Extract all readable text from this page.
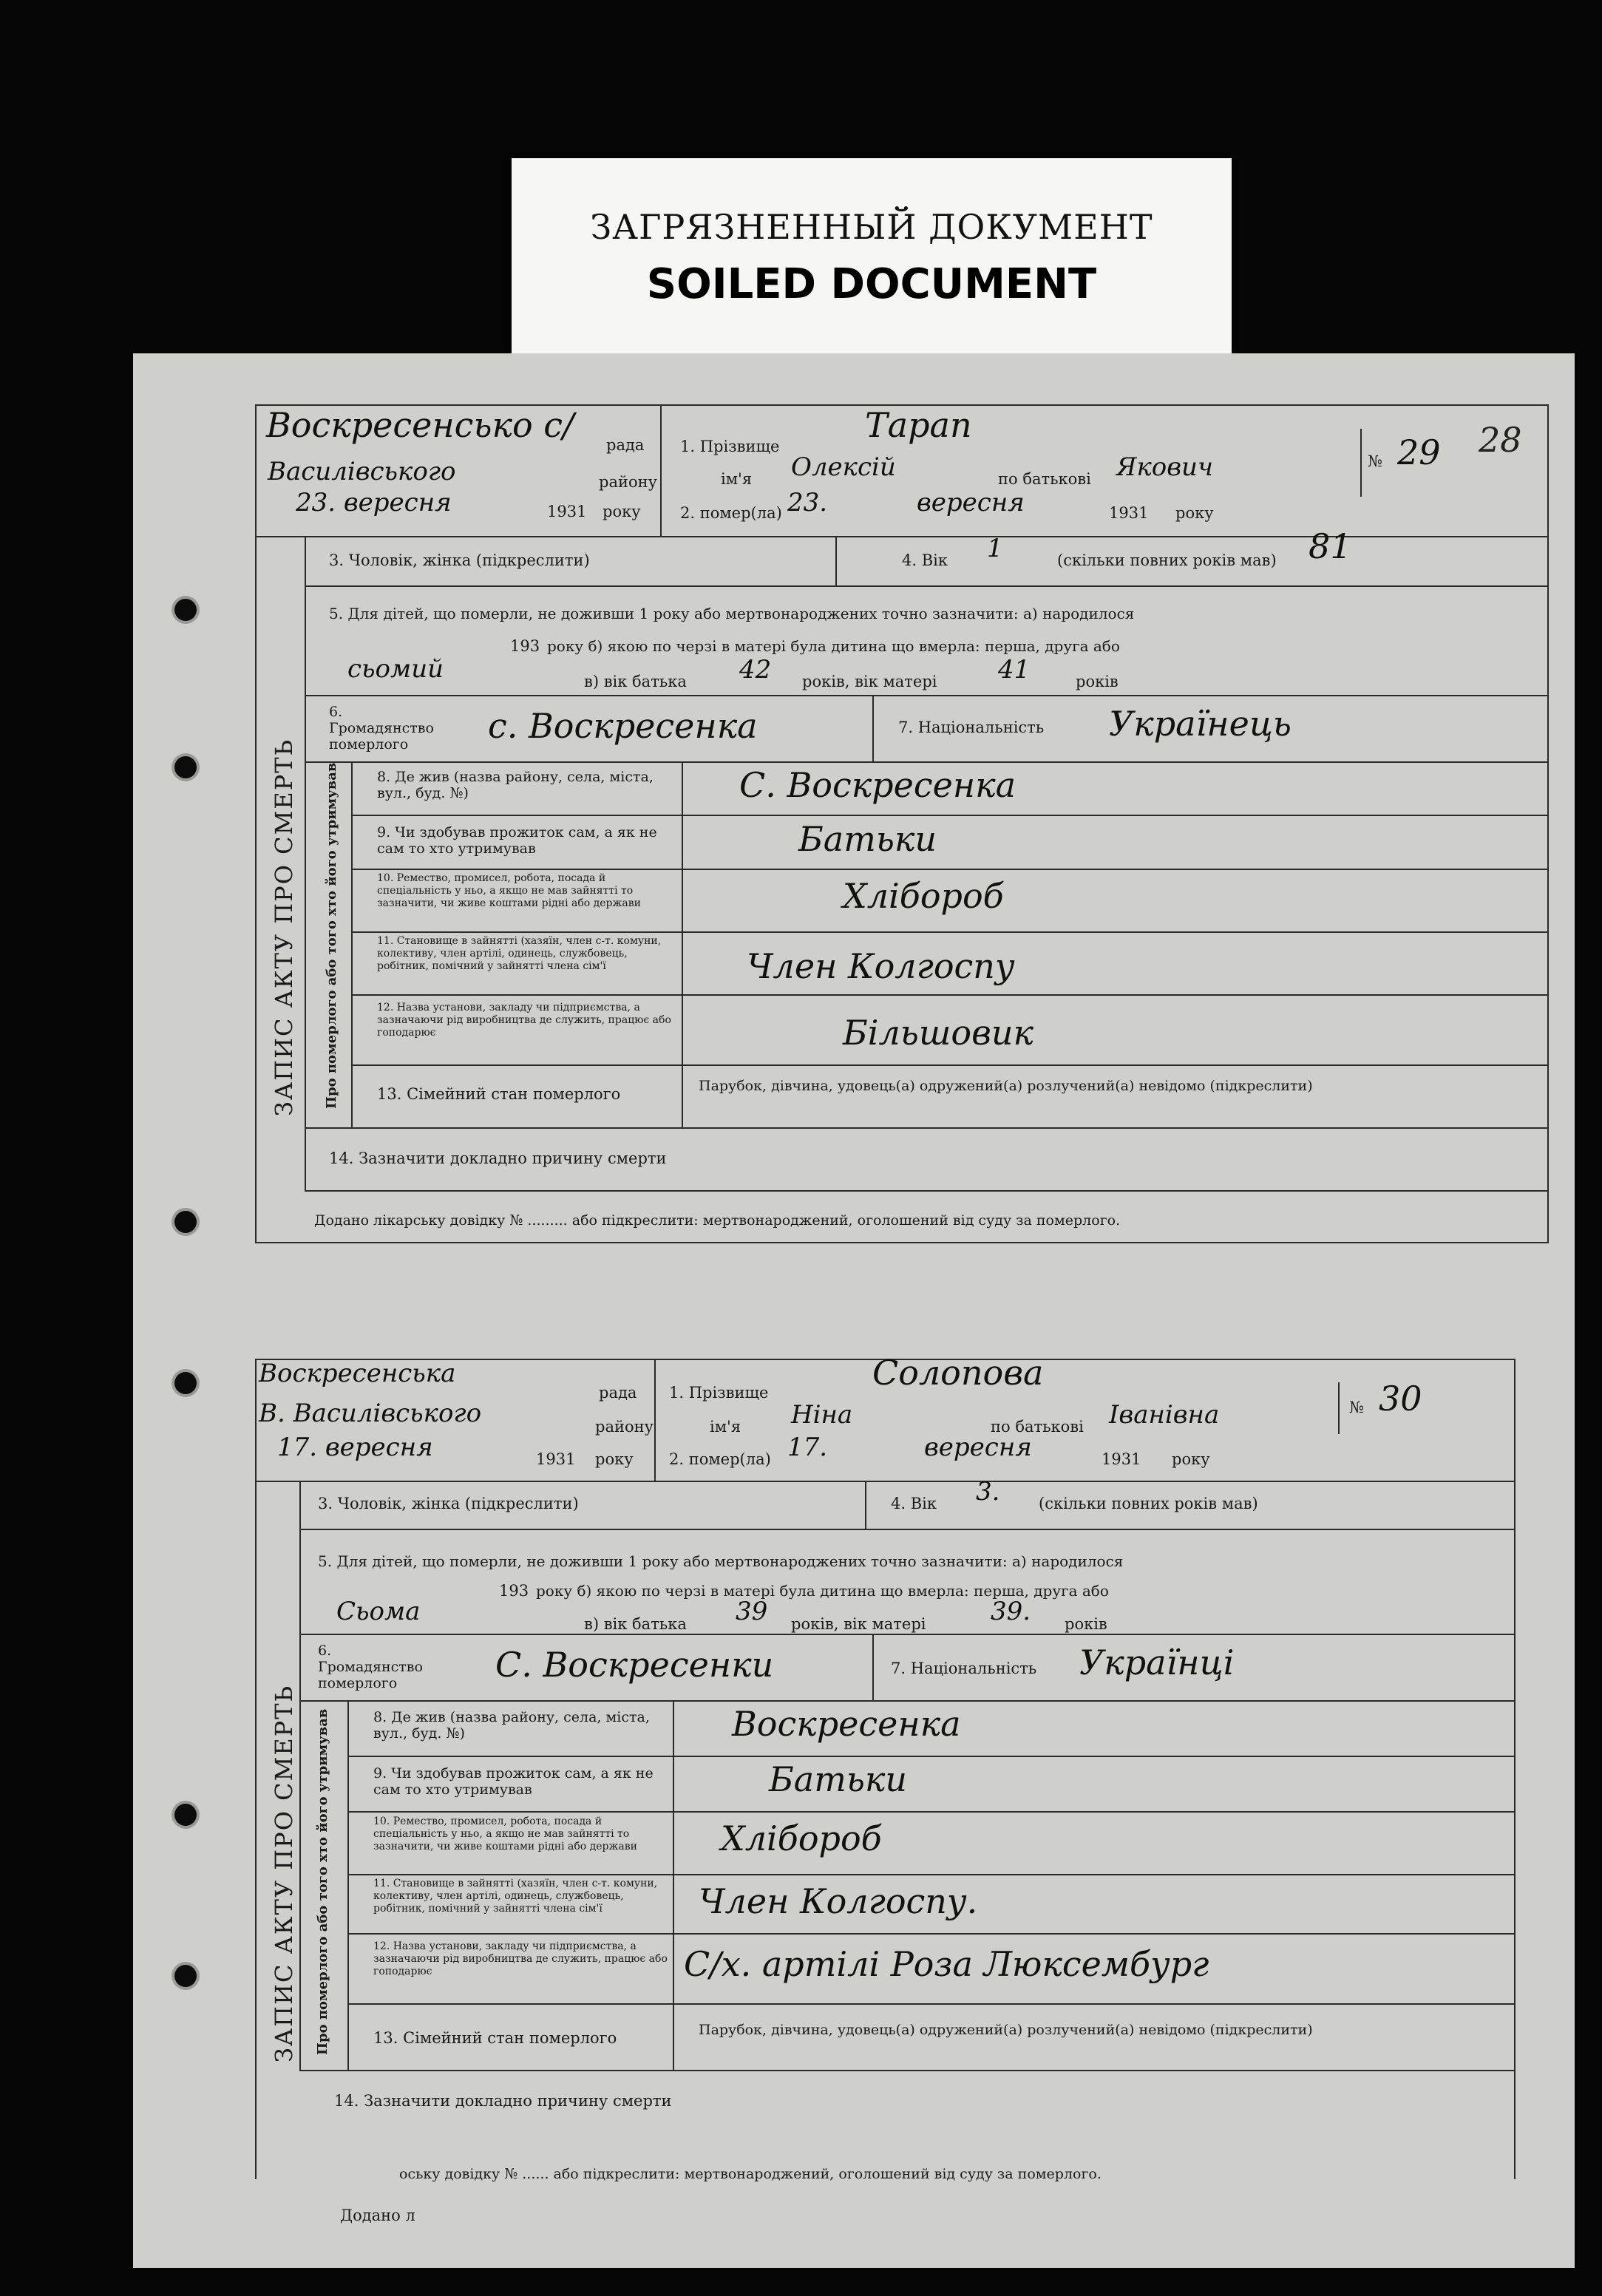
ЗАГРЯЗНЕННЫЙ ДОКУМЕНТ
SOILED DOCUMENT
ЗАПИС АКТУ ПРО СМЕРТЬ Про померлого або того хто його утримував
Воскресенсько с/ рада
Василівського	району
23. вересня	1931 року
1. Прізвище
Тарап
ім'я Олексій	по батькові Якович
2. помер(ла) 23.	вересня	1931 року
№ 29 28
3. Чоловік, жінка (підкреслити)	4. Вік 1	(скільки повних років мав) 81
5. Для дітей, що померли, не доживши 1 року або мертвонароджених точно зазначити: а) народилося
193 року б) якою по черзі в матері була дитина що вмерла: перша, друга або
сьомий	в) вік батька 42 років, вік матері 41	років
6. Громадянство померлого	с. Воскресенка	7. Національність Українець
8. Де жив (назва району, села, міста, вул., буд. №)	С. Воскресенка
9. Чи здобував прожиток сам, а як не сам то хто утримував	Батьки
10. Ремество, промисел, робота, посада й спеціальність у ньо, а якщо не мав зайнятті то зазначити, чи живе коштами рідні або держави	Хлібороб
11. Становище в зайнятті (хазяїн, член с-т. комуни, колективу, член артілі, одинець, службовець, робітник, помічний у зайнятті члена сім'ї	Член Колгоспу
12. Назва установи, закладу чи підприємства, а зазначаючи рід виробництва де служить, працює або гоподарює	Більшовик
13. Сімейний стан померлого	Парубок, дівчина, удовець(а) одружений(а) розлучений(а) невідомо (підкреслити)
14. Зазначити докладно причину смерти
Додано лікарську довідку № ......... або підкреслити: мертвонароджений, оголошений від суду за померлого.
ЗАПИС АКТУ ПРО СМЕРТЬ Про померлого або того хто його утримував
Воскресенська
рада
В. Василівського	району
17. вересня	1931 року
1. Прізвище	Солопова
ім'я Ніна	по батькові Іванівна
2. помер(ла) 17.	вересня	1931 року
№ 30
3. Чоловік, жінка (підкреслити)	4. Вік 3.	(скільки повних років мав)
5. Для дітей, що померли, не доживши 1 року або мертвонароджених точно зазначити: а) народилося
193 року б) якою по черзі в матері була дитина що вмерла: перша, друга або
Сьома	в) вік батька 39 років, вік матері	39. років
6. Громадянство померлого	С. Воскресенки	7. Національність Українці
8. Де жив (назва району, села, міста, вул., буд. №)	Воскресенка
9. Чи здобував прожиток сам, а як не сам то хто утримував	Батьки
10. Ремество, промисел, робота, посада й спеціальність у ньо, а якщо не мав зайнятті то зазначити, чи живе коштами рідні або держави	Хлібороб
11. Становище в зайнятті (хазяїн, член с-т. комуни, колективу, член артілі, одинець, службовець, робітник, помічний у зайнятті члена сім'ї	Член Колгоспу.
12. Назва установи, закладу чи підприємства, а зазначаючи рід виробництва де служить, працює або гоподарює	С/х. артілі Роза Люксембург
13. Сімейний стан померлого	Парубок, дівчина, удовець(а) одружений(а) розлучений(а) невідомо (підкреслити)
14. Зазначити докладно причину смерти
оську довідку № ...... або підкреслити: мертвонароджений, оголошений від суду за померлого.
Додано л
